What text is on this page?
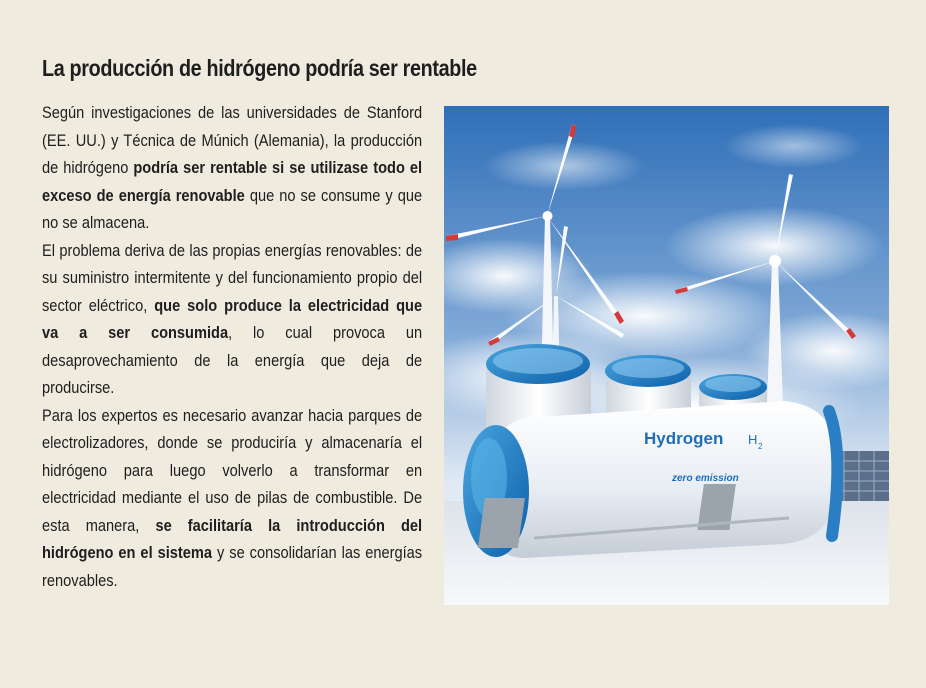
La producción de hidrógeno podría ser rentable

Según investigaciones de las universidades de Stanford (EE. UU.) y Técnica de Múnich (Alemania), la producción de hidrógeno podría ser rentable si se utilizase todo el exceso de energía renovable que no se consume y que no se almacena.

El problema deriva de las propias energías renovables: de su suministro intermitente y del funcionamiento propio del sector eléctrico, que solo produce la electricidad que va a ser consumida, lo cual provoca un desaprovechamiento de la energía que deja de producirse.

Para los expertos es necesario avanzar hacia parques de electrolizadores, donde se produciría y almacenaría el hidrógeno para luego volverlo a transformar en electricidad mediante el uso de pilas de combustible. De esta manera, se facilitaría la introducción del hidrógeno en el sistema y se consolidarían las energías renovables.

Hydrogen H 2
zero emission
